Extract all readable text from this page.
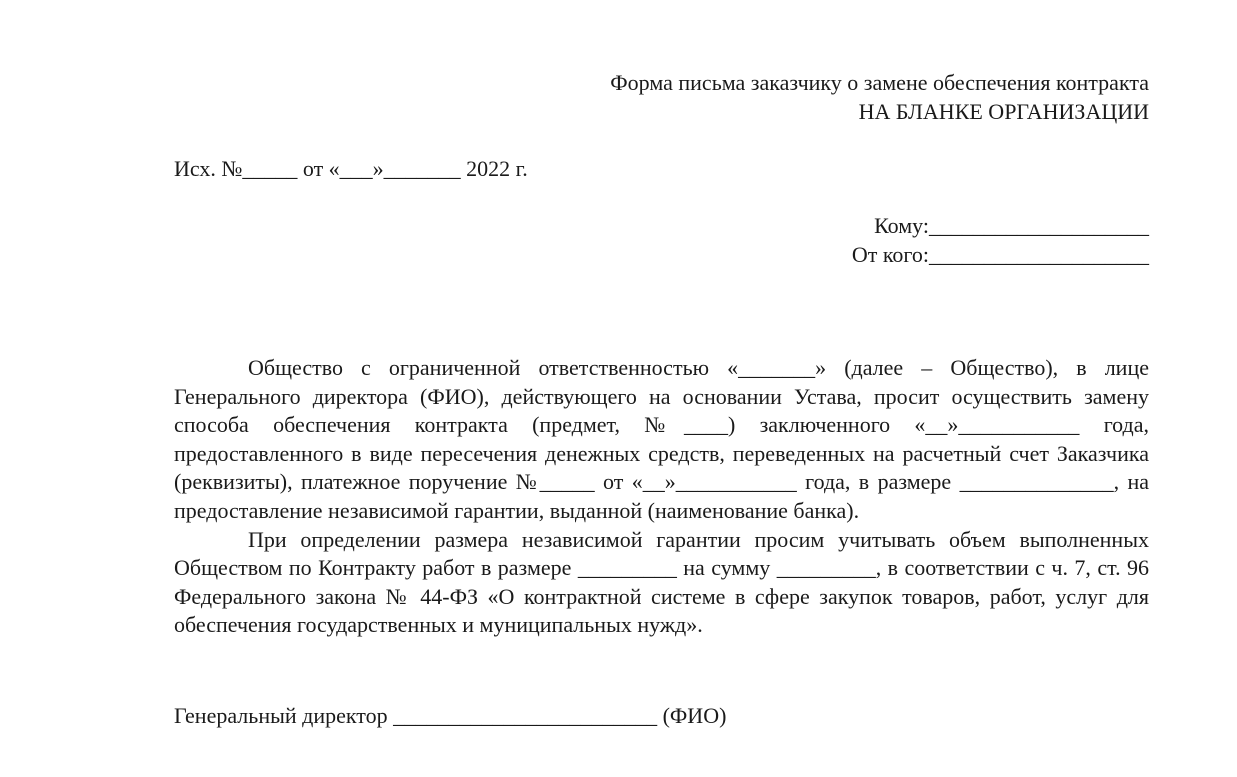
Форма письма заказчику о замене обеспечения контракта
НА БЛАНКЕ ОРГАНИЗАЦИИ
Исх. №_____ от «___»_______ 2022 г.
Кому:____________________
От кого:____________________

Общество с ограниченной ответственностью «_______» (далее – Общество), в лице Генерального директора (ФИО), действующего на основании Устава, просит осуществить замену способа обеспечения контракта (предмет, №____) заключенного «__»___________ года, предоставленного в виде пересечения денежных средств, переведенных на расчетный счет Заказчика (реквизиты), платежное поручение №_____ от «__»___________ года, в размере ______________, на предоставление независимой гарантии, выданной (наименование банка).

При определении размера независимой гарантии просим учитывать объем выполненных Обществом по Контракту работ в размере _________ на сумму _________, в соответствии с ч. 7, ст. 96 Федерального закона № 44-ФЗ «О контрактной системе в сфере закупок товаров, работ, услуг для обеспечения государственных и муниципальных нужд».

Генеральный директор ________________________ (ФИО)
